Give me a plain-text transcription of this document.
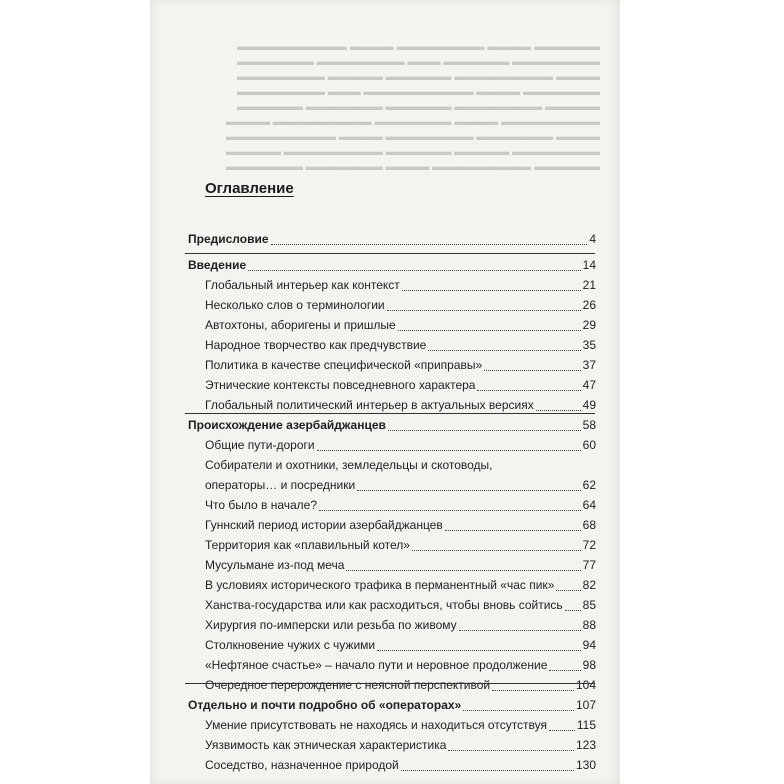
▬▬▬▬▬▬ ▬▬▬▬ ▬▬▬▬▬▬▬▬ ▬▬▬▬ ▬▬▬▬▬▬▬▬▬▬
▬▬▬▬▬▬▬▬ ▬▬▬▬▬▬ ▬▬▬ ▬▬▬▬▬▬▬▬ ▬▬▬▬▬▬▬
▬▬▬▬ ▬▬▬▬▬▬▬▬▬ ▬▬▬▬▬▬ ▬▬▬▬▬ ▬▬▬▬▬▬▬▬
▬▬▬▬▬▬▬ ▬▬▬▬ ▬▬▬▬▬▬▬▬▬▬ ▬▬▬ ▬▬▬▬▬▬▬▬
▬▬▬▬▬ ▬▬▬▬▬▬▬▬ ▬▬▬▬▬▬ ▬▬▬▬▬▬▬ ▬▬▬▬▬▬
▬▬▬▬▬▬▬▬▬ ▬▬▬▬ ▬▬▬▬▬▬▬ ▬▬▬▬▬▬▬▬▬ ▬▬▬▬
▬▬▬▬ ▬▬▬▬▬▬▬ ▬▬▬▬▬▬▬▬ ▬▬▬▬ ▬▬▬▬▬▬▬▬▬▬
▬▬▬▬▬▬▬▬ ▬▬▬▬▬ ▬▬▬▬▬▬ ▬▬▬▬▬▬▬▬▬ ▬▬▬▬▬
▬▬▬▬▬▬ ▬▬▬▬▬▬▬▬▬ ▬▬▬▬ ▬▬▬▬▬▬▬ ▬▬▬▬▬▬▬
Оглавление
Предисловие	4
Введение	14
Глобальный интерьер как контекст	21
Несколько слов о терминологии	26
Автохтоны, аборигены и пришлые	29
Народное творчество как предчувствие	35
Политика в качестве специфической «приправы»	37
Этнические контексты повседневного характера	47
Глобальный политический интерьер в актуальных версиях	49
Происхождение азербайджанцев	58
Общие пути-дороги	60
Собиратели и охотники, земледельцы и скотоводы,
операторы… и посредники	62
Что было в начале?	64
Гуннский период истории азербайджанцев	68
Территория как «плавильный котел»	72
Мусульмане из-под меча	77
В условиях исторического трафика в перманентный «час пик» 82
Ханства-государства или как расходиться, чтобы вновь сойтись 85
Хирургия по-имперски или резьба по живому	88
Столкновение чужих с чужими	94
«Нефтяное счастье» – начало пути и неровное продолжение	98
Очередное перерождение с неясной перспективой	104
Отдельно и почти подробно об «операторах»	107
Умение присутствовать не находясь и находиться отсутствуя 115
Уязвимость как этническая характеристика	123
Соседство, назначенное природой	130
